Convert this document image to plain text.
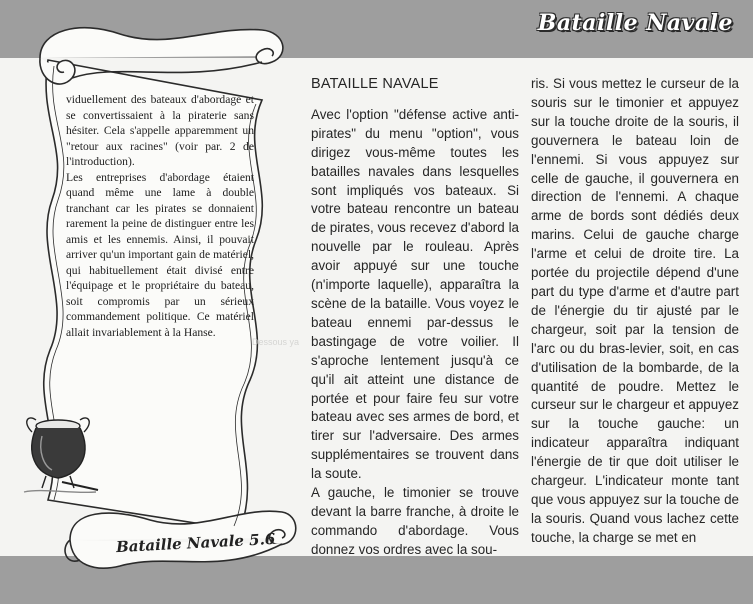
Bataille Navale
Dessous ya

viduellement des bateaux d'abordage et se convertissaient à la piraterie sans hésiter. Cela s'appelle apparemment un "retour aux racines" (voir par. 2 de l'introduction).

Les entreprises d'abordage étaient quand même une lame à double tranchant car les pirates se donnaient rarement la peine de distinguer entre les amis et les ennemis. Ainsi, il pouvait arriver qu'un important gain de matériel, qui habituellement était divisé entre l'équipage et le propriétaire du bateau, soit compromis par un sérieux commandement politique. Ce matériel allait invariablement à la Hanse.

Bataille Navale 5.6

BATAILLE NAVALE

Avec l'option "défense active anti-pirates" du menu "option", vous dirigez vous-même toutes les batailles navales dans lesquelles sont impliqués vos bateaux. Si votre bateau rencontre un bateau de pirates, vous recevez d'abord la nouvelle par le rouleau. Après avoir appuyé sur une touche (n'importe laquelle), apparaîtra la scène de la bataille. Vous voyez le bateau ennemi par-dessus le bastingage de votre voilier. Il s'aproche lentement jusqu'à ce qu'il ait atteint une distance de portée et pour faire feu sur votre bateau avec ses armes de bord, et tirer sur l'adversaire. Des armes supplémentaires se trouvent dans la soute.

A gauche, le timonier se trouve devant la barre franche, à droite le commando d'abordage. Vous donnez vos ordres avec la sou-

ris. Si vous mettez le curseur de la souris sur le timonier et appuyez sur la touche droite de la souris, il gouvernera le bateau loin de l'ennemi. Si vous appuyez sur celle de gauche, il gouvernera en direction de l'ennemi. A chaque arme de bords sont dédiés deux marins. Celui de gauche charge l'arme et celui de droite tire. La portée du projectile dépend d'une part du type d'arme et d'autre part de l'énergie du tir ajusté par le chargeur, soit par la tension de l'arc ou du bras-levier, soit, en cas d'utilisation de la bombarde, de la quantité de poudre. Mettez le curseur sur le chargeur et appuyez sur la touche gauche: un indicateur apparaîtra indiquant l'énergie de tir que doit utiliser le chargeur. L'indicateur monte tant que vous appuyez sur la touche de la souris. Quand vous lachez cette touche, la charge se met en
